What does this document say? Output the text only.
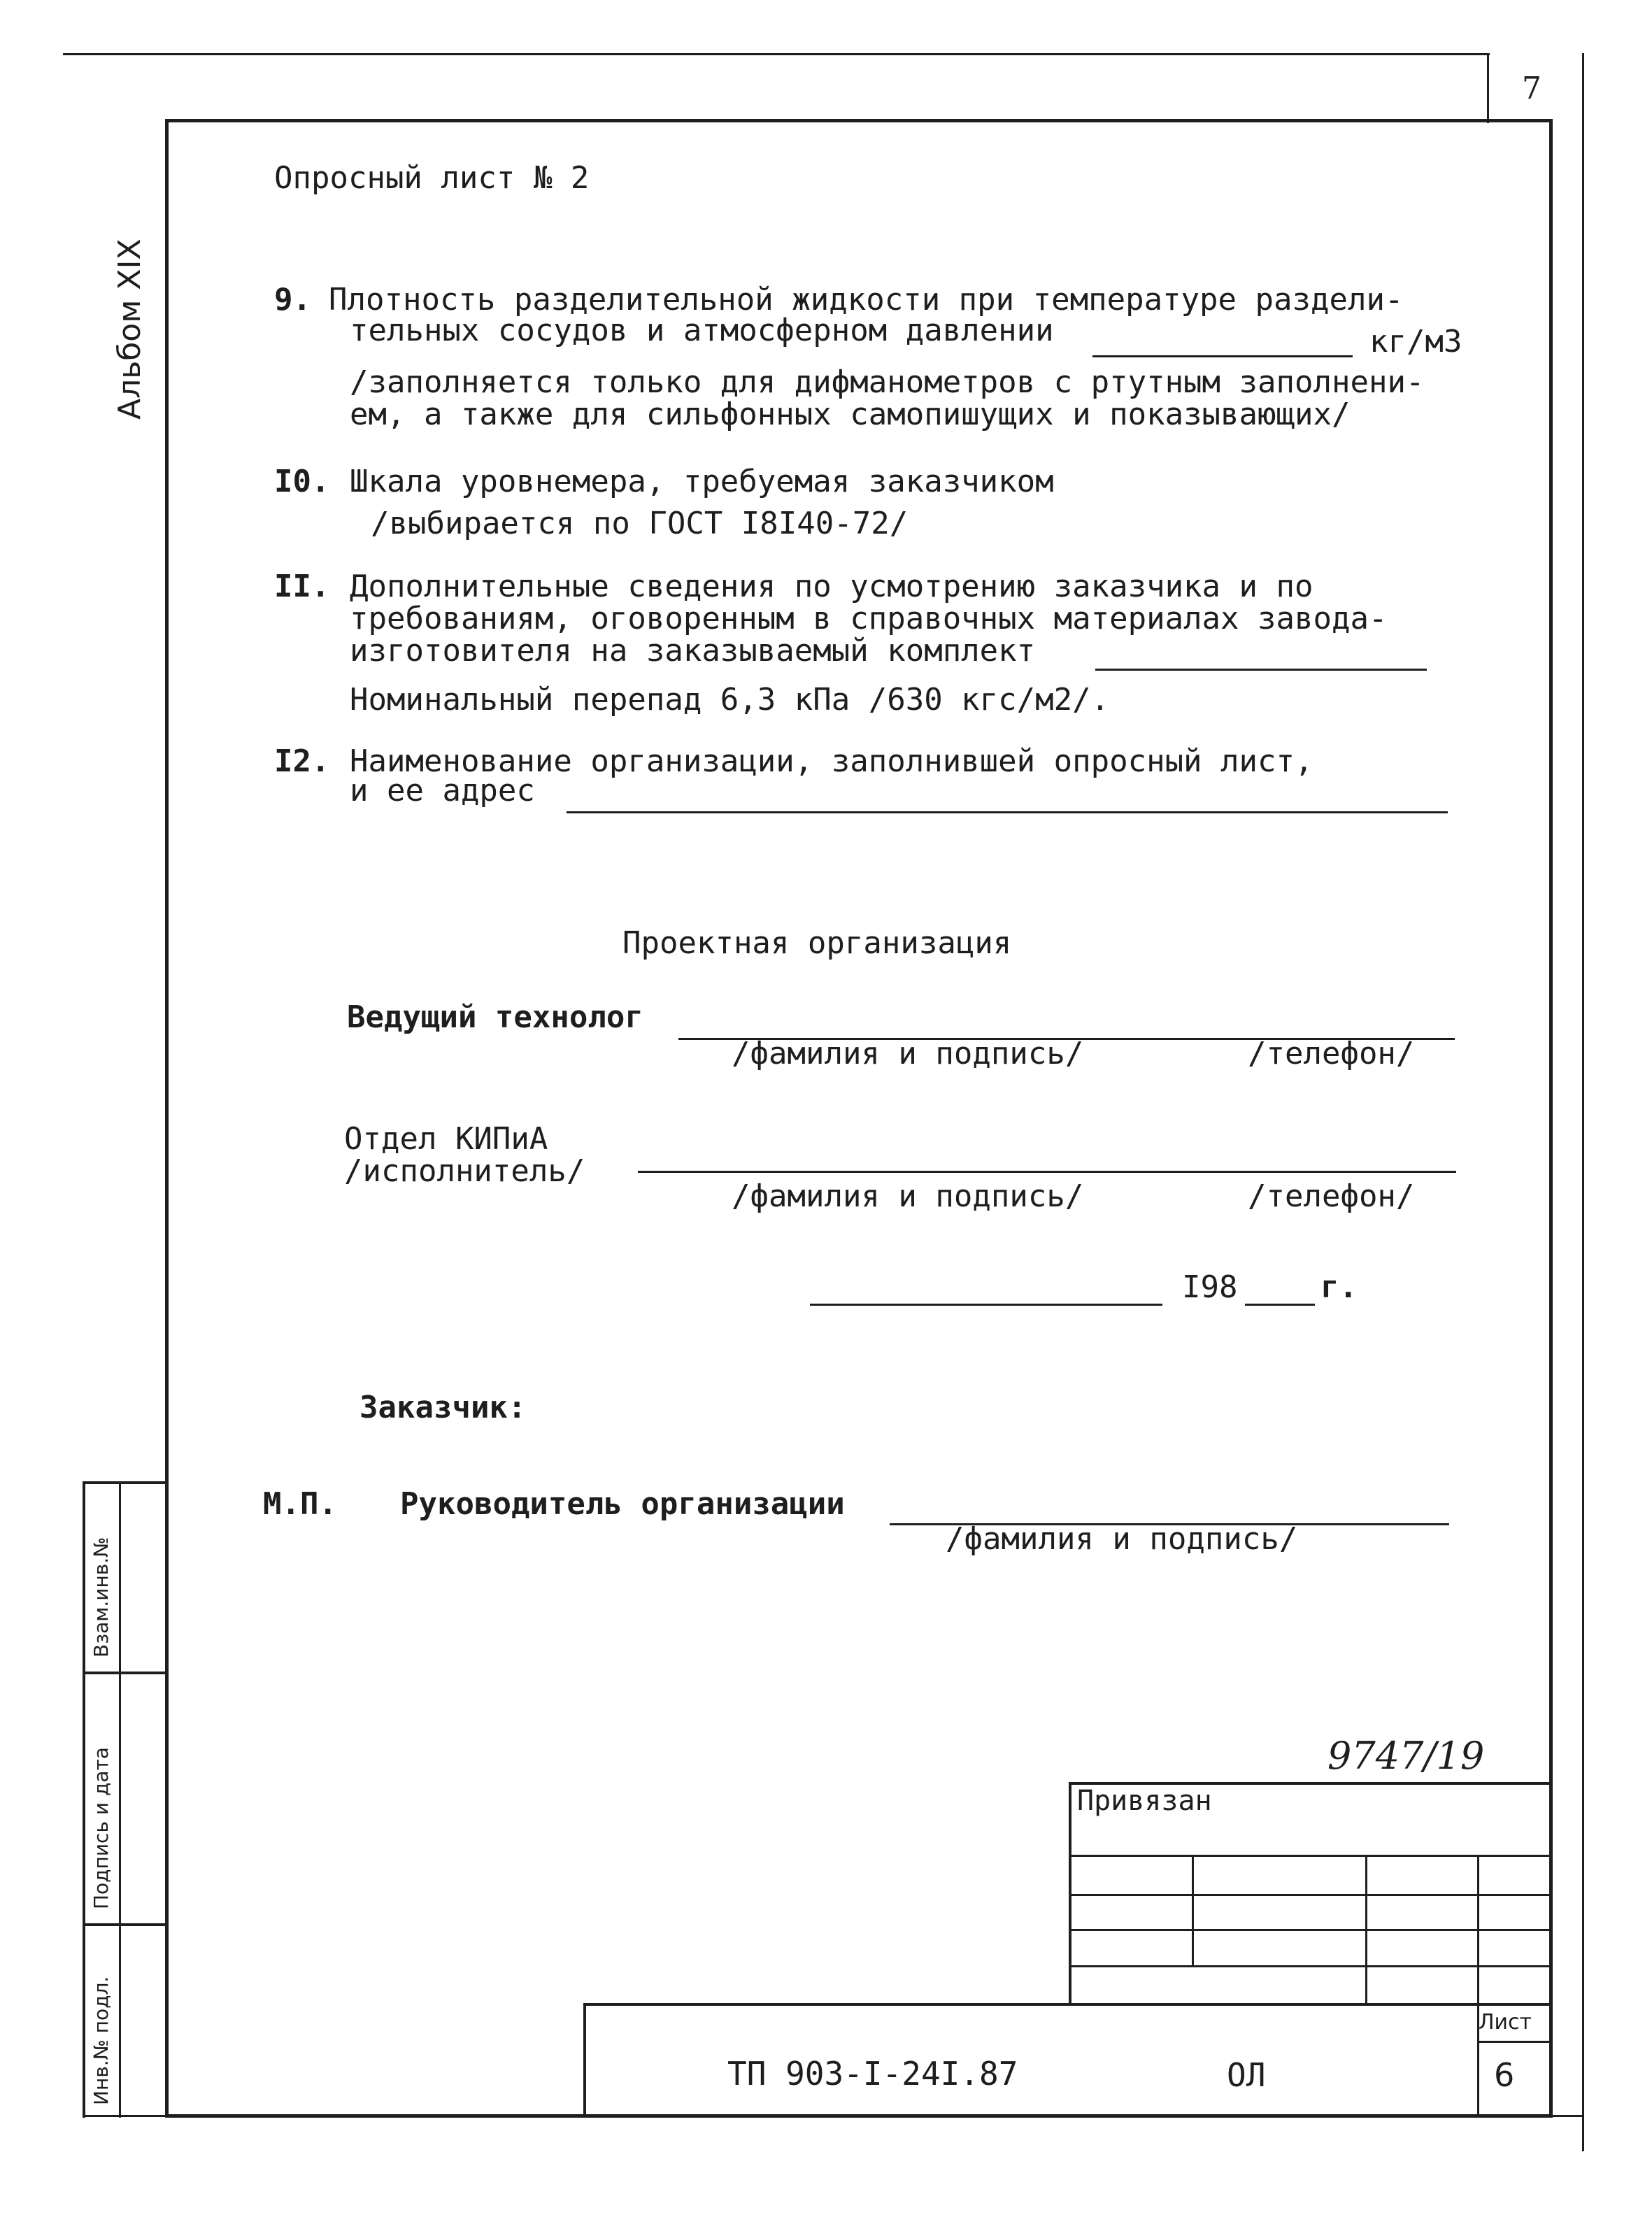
7
Альбом XIX
Взам.инв.№
Подпись и дата
Инв.№ подл.
Опросный лист № 2
9. Плотность разделительной жидкости при температуре раздели-
тельных сосудов и атмосферном давлении	кг/м3
/заполняется только для дифманометров с ртутным заполнени-
ем, а также для сильфонных самопишущих и показывающих/
I0. Шкала уровнемера, требуемая заказчиком
/выбирается по ГОСТ I8I40-72/
II. Дополнительные сведения по усмотрению заказчика и по
требованиям, оговоренным в справочных материалах завода-
изготовителя на заказываемый комплект
Номинальный перепад 6,3 кПа /630 кгс/м2/.
I2. Наименование организации, заполнившей опросный лист,
и ее адрес
Проектная организация
Ведущий технолог
/фамилия и подпись/	/телефон/
Отдел КИПиА
/исполнитель/
/фамилия и подпись/	/телефон/
I98	г.
Заказчик:
М.П. Руководитель организации
/фамилия и подпись/
9747/19
Привязан
ТП 903-I-24I.87	ОЛ
Лист
6
